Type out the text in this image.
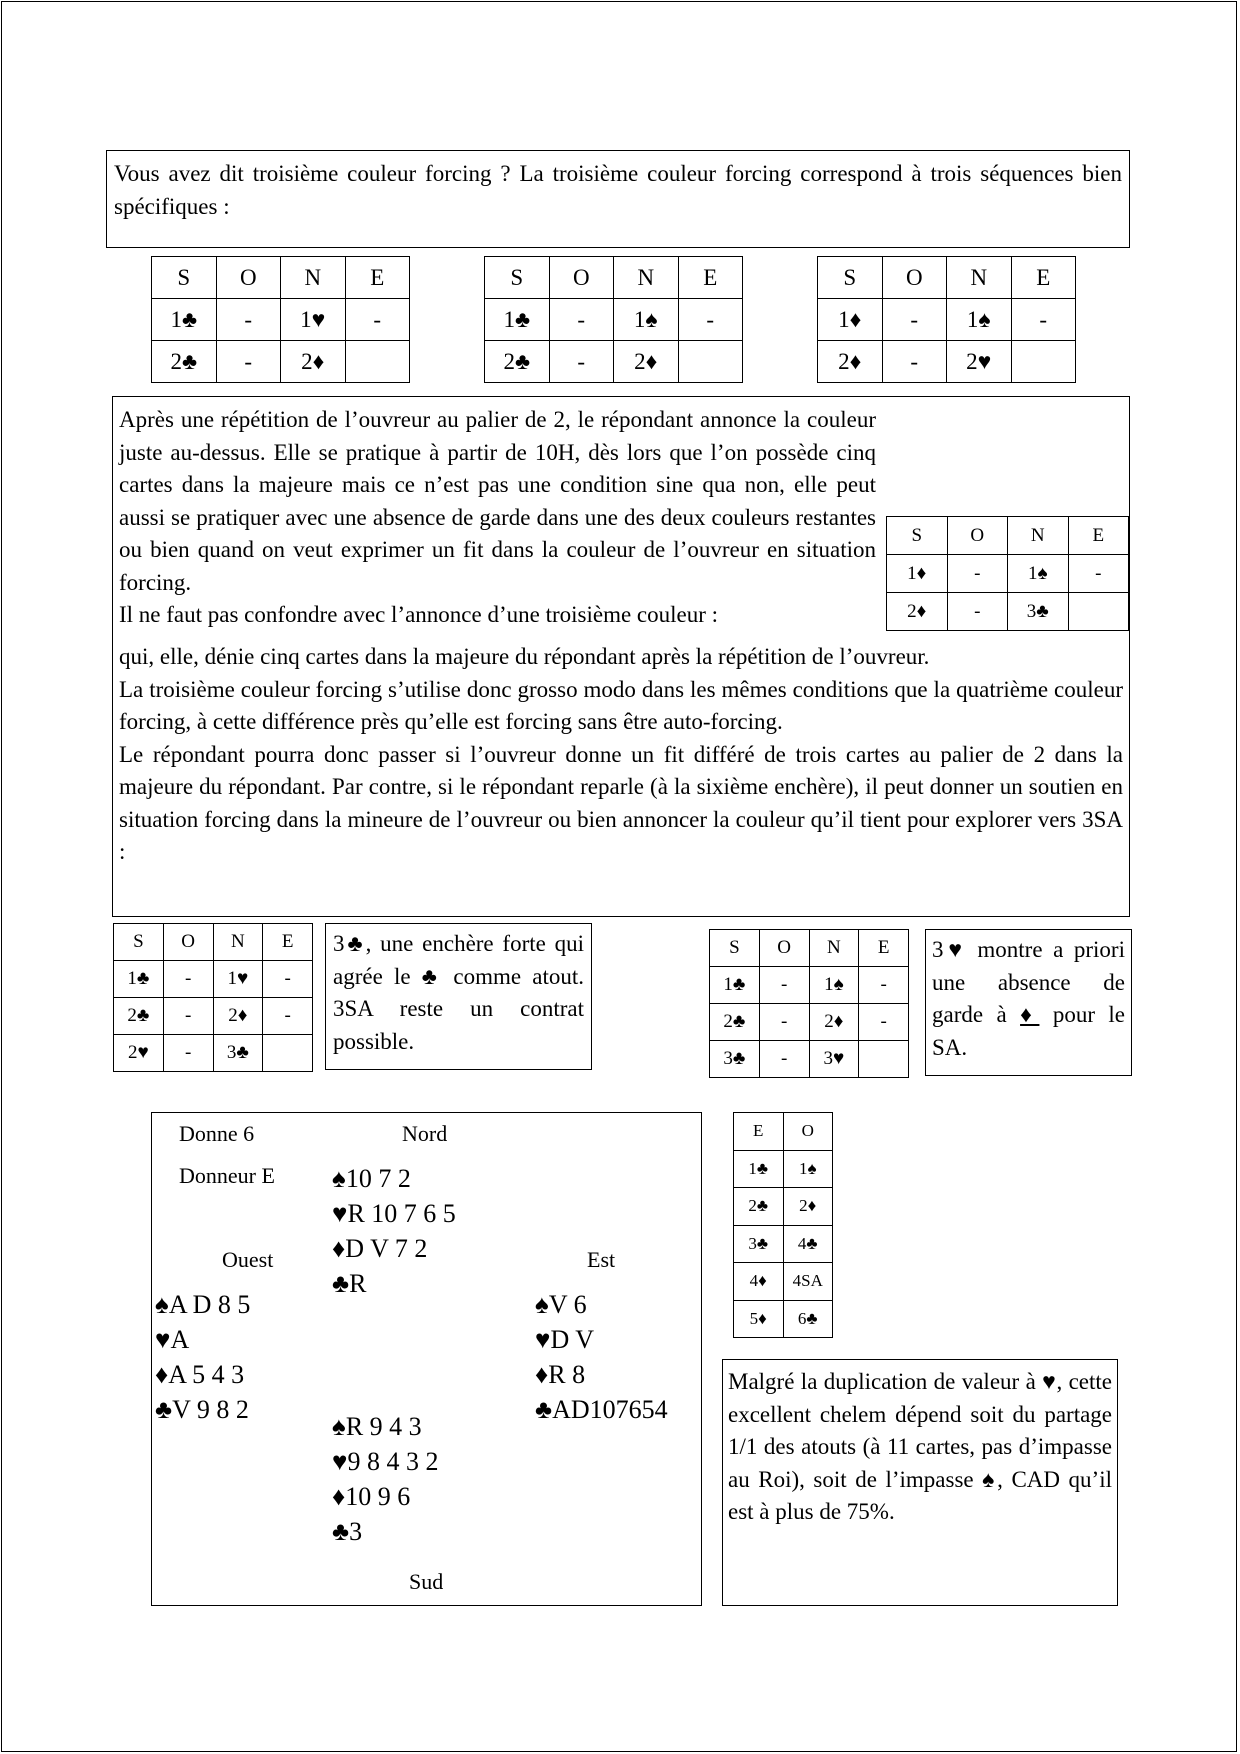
Vous avez dit troisième couleur forcing ? La troisième couleur forcing correspond à trois séquences bien spécifiques :

S	O	N	E
1♣	-	1♥	-
2♣	-	2♦	
S	O	N	E
1♣	-	1♠	-
2♣	-	2♦	
S	O	N	E
1♦	-	1♠	-
2♦	-	2♥	

Après une répétition de l’ouvreur au palier de 2, le répondant annonce la couleur juste au-dessus. Elle se pratique à partir de 10H, dès lors que l’on possède cinq cartes dans la majeure mais ce n’est pas une condition sine qua non, elle peut aussi se pratiquer avec une absence de garde dans une des deux couleurs restantes ou bien quand on veut exprimer un fit dans la couleur de l’ouvreur en situation forcing.

Il ne faut pas confondre avec l’annonce d’une troisième couleur :

S	O	N	E
1♦	-	1♠	-
2♦	-	3♣	

qui, elle, dénie cinq cartes dans la majeure du répondant après la répétition de l’ouvreur.

La troisième couleur forcing s’utilise donc grosso modo dans les mêmes conditions que la quatrième couleur forcing, à cette différence près qu’elle est forcing sans être auto-forcing.

Le répondant pourra donc passer si l’ouvreur donne un fit différé de trois cartes au palier de 2 dans la majeure du répondant. Par contre, si le répondant reparle (à la sixième enchère), il peut donner un soutien en situation forcing dans la mineure de l’ouvreur ou bien annoncer la couleur qu’il tient pour explorer vers 3SA :

S	O	N	E
1♣	-	1♥	-
2♣	-	2♦	-
2♥	-	3♣	

3♣, une enchère forte qui agrée le ♣ comme atout. 3SA reste un contrat possible.

S	O	N	E
1♣	-	1♠	-
2♣	-	2♦	-
3♣	-	3♥	

3♥ montre a priori une absence de garde à ♦ pour le SA.

Donne 6
Donneur E
Nord
Ouest	Est
Sud
♠10 7 2
♥R 10 7 6 5
♦D V 7 2
♣R
♠A D 8 5
♥A
♦A 5 4 3
♣V 9 8 2
♠V 6
♥D V
♦R 8
♣AD107654
♠R 9 4 3
♥9 8 4 3 2
♦10 9 6
♣3
E	O
1♣	1♠
2♣	2♦
3♣	4♣
4♦	4SA
5♦	6♣

Malgré la duplication de valeur à ♥, cette excellent chelem dépend soit du partage 1/1 des atouts (à 11 cartes, pas d’impasse au Roi), soit de l’impasse ♠, CAD qu’il est à plus de 75%.
